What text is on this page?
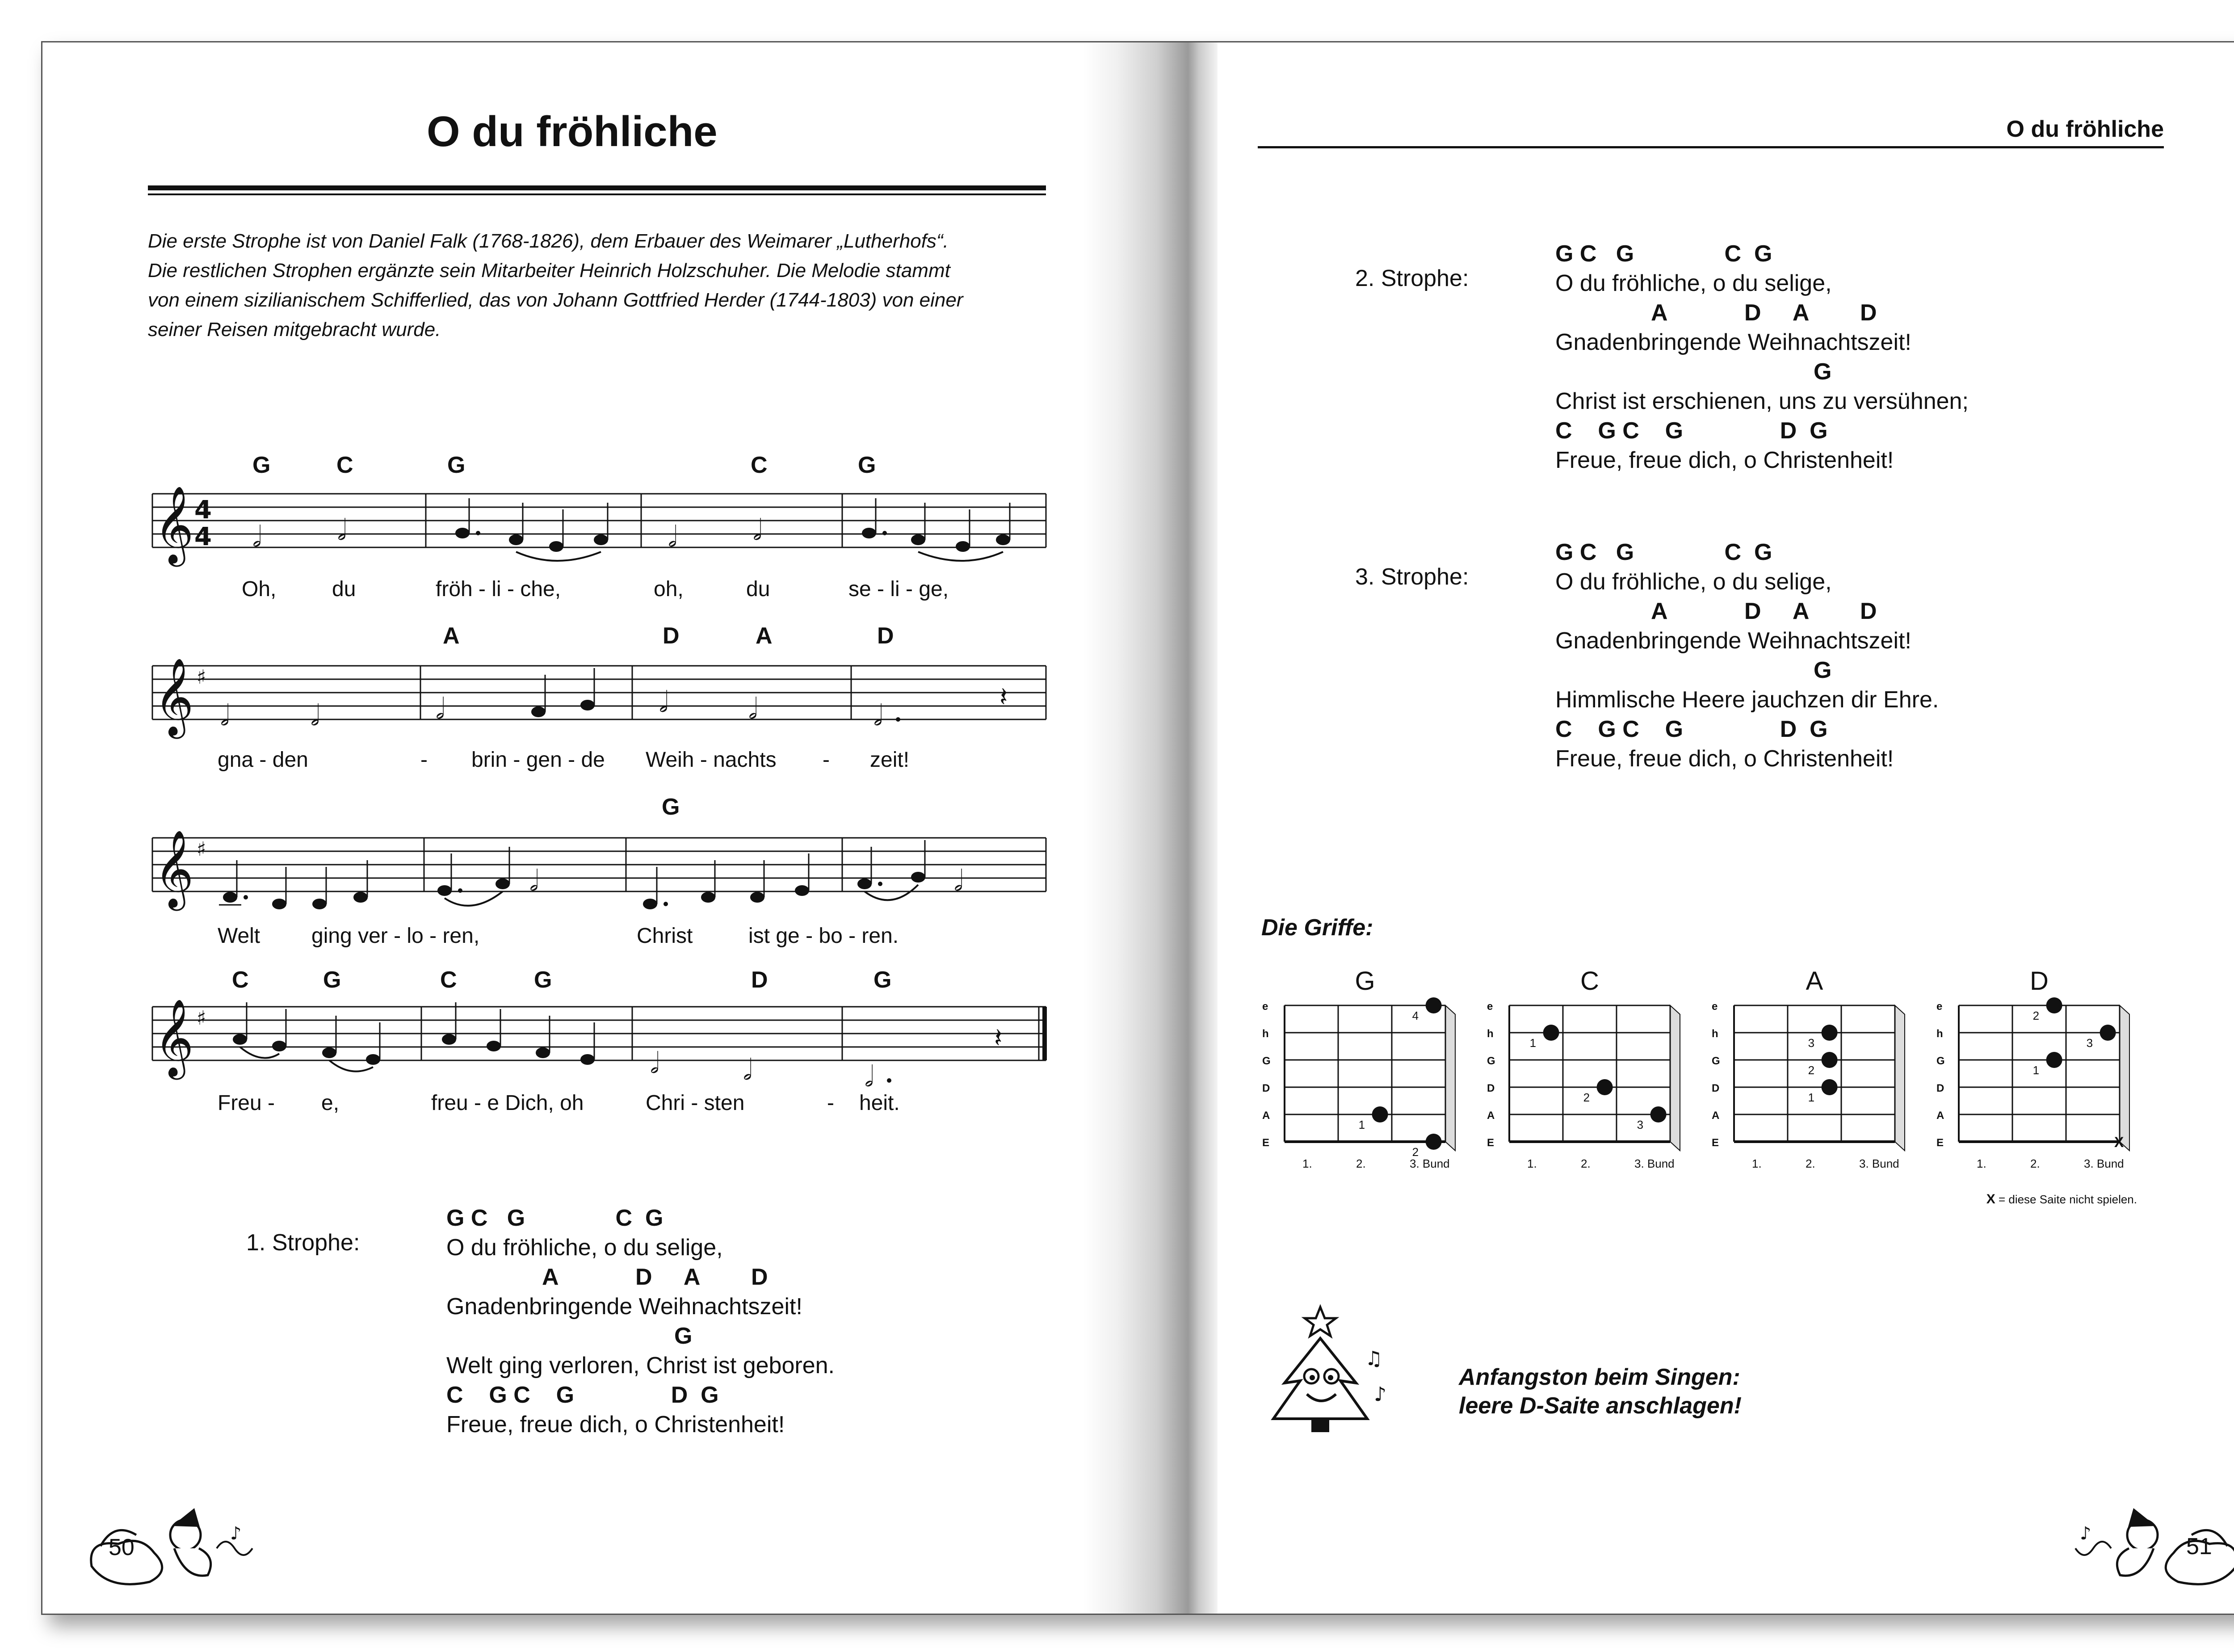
O du fröhliche
Die erste Strophe ist von Daniel Falk (1768-1826), dem Erbauer des Weimarer „Lutherhofs“.
Die restlichen Strophen ergänzte sein Mitarbeiter Heinrich Holzschuher. Die Melodie stammt
von einem sizilianischem Schifferlied, das von Johann Gottfried Herder (1744-1803) von einer
seiner Reisen mitgebracht wurde.
G	C	G	C	G
𝄞 4
4 𝅗𝅥	𝅗𝅥	𝅗𝅥	𝅗𝅥
Oh,	du	fröh - li - che,	oh,	du	se - li - ge,
A	D	A	D
𝄞 ♯
𝅗𝅥	𝅗𝅥	𝅗𝅥	𝅗𝅥	𝅗𝅥	𝅗𝅥
𝄽
gna - den	- brin - gen - de Weih - nachts - zeit!
G
𝄞 ♯
𝅗𝅥	𝅗𝅥
Welt ging ver - lo - ren,	Christ	ist ge - bo - ren.
C	G	C	G	D	G
𝄞 ♯
𝅗𝅥	𝅗𝅥	𝅗𝅥
𝄽
Freu - e,	freu - e Dich, oh	Chri - sten	- heit.
1. Strophe:
G C   G              C  G
O du fröhliche, o du selige,
A            D     A        D
Gnadenbringende Weihnachtszeit!
G
Welt ging verloren, Christ ist geboren.
C    G C    G               D  G
Freue, freue dich, o Christenheit!
♪
50
O du fröhliche
2. Strophe:
G C   G              C  G
O du fröhliche, o du selige,
A            D     A        D
Gnadenbringende Weihnachtszeit!
G
Christ ist erschienen, uns zu versühnen;
C    G C    G               D  G
Freue, freue dich, o Christenheit!
3. Strophe:
G C   G              C  G
O du fröhliche, o du selige,
A            D     A        D
Gnadenbringende Weihnachtszeit!
G
Himmlische Heere jauchzen dir Ehre.
C    G C    G               D  G
Freue, freue dich, o Christenheit!
Die Griffe:
G
e
h
G
D
A
E
1.	2.	3. Bund
4
1
2
C
e
h
G
D
A
E
1.	2.	3. Bund
1
2
3
A
e
h
G
D
A
E
1.	2.	3. Bund
3
2
1
D
e
h
G
D
A
E
1.	2.	3. Bund
2
3
1
X
X = diese Saite nicht spielen.
♫
♪
Anfangston beim Singen:
leere D-Saite anschlagen!
♪	51
